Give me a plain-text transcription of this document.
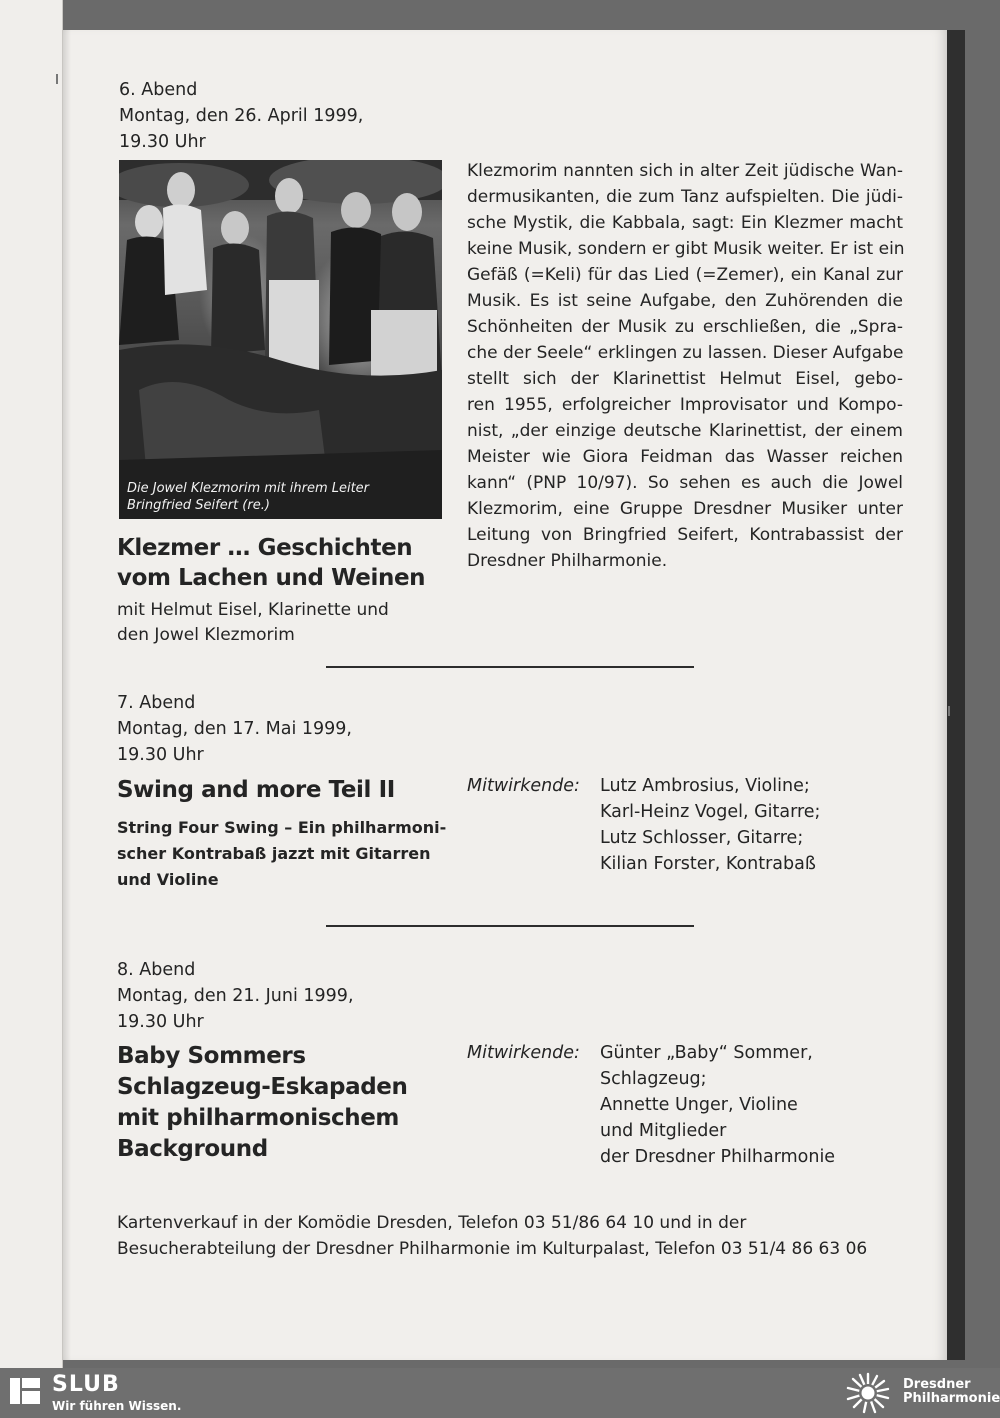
6. Abend

Montag, den 26. April 1999,

19.30 Uhr

Die Jowel Klezmorim mit ihrem Leiter

Bringfried Seifert (re.)

Klezmer … Geschichten

vom Lachen und Weinen

mit Helmut Eisel, Klarinette und

den Jowel Klezmorim

Klezmorim nannten sich in alter Zeit jüdische Wan-
dermusikanten, die zum Tanz aufspielten. Die jüdi-
sche Mystik, die Kabbala, sagt: Ein Klezmer macht
keine Musik, sondern er gibt Musik weiter. Er ist ein
Gefäß (=Keli) für das Lied (=Zemer), ein Kanal zur
Musik. Es ist seine Aufgabe, den Zuhörenden die
Schönheiten der Musik zu erschließen, die „Spra-
che der Seele“ erklingen zu lassen. Dieser Aufgabe
stellt sich der Klarinettist Helmut Eisel, gebo-
ren 1955, erfolgreicher Improvisator und Kompo-
nist, „der einzige deutsche Klarinettist, der einem
Meister wie Giora Feidman das Wasser reichen
kann“ (PNP 10/97). So sehen es auch die Jowel
Klezmorim, eine Gruppe Dresdner Musiker unter
Leitung von Bringfried Seifert, Kontrabassist der
Dresdner Philharmonie.

7. Abend

Montag, den 17. Mai 1999,

19.30 Uhr

Swing and more Teil II

String Four Swing – Ein philharmoni-

scher Kontrabaß jazzt mit Gitarren

und Violine

Mitwirkende: Lutz Ambrosius, Violine;

Karl-Heinz Vogel, Gitarre;

Lutz Schlosser, Gitarre;

Kilian Forster, Kontrabaß

8. Abend

Montag, den 21. Juni 1999,

19.30 Uhr

Baby Sommers

Schlagzeug-Eskapaden

mit philharmonischem

Background

Mitwirkende: Günter „Baby“ Sommer,

Schlagzeug;

Annette Unger, Violine

und Mitglieder

der Dresdner Philharmonie

Kartenverkauf in der Komödie Dresden, Telefon 03 51/86 64 10 und in der

Besucherabteilung der Dresdner Philharmonie im Kulturpalast, Telefon 03 51/4 86 63 06

SLUB

Wir führen Wissen.

Dresdner

Philharmonie
